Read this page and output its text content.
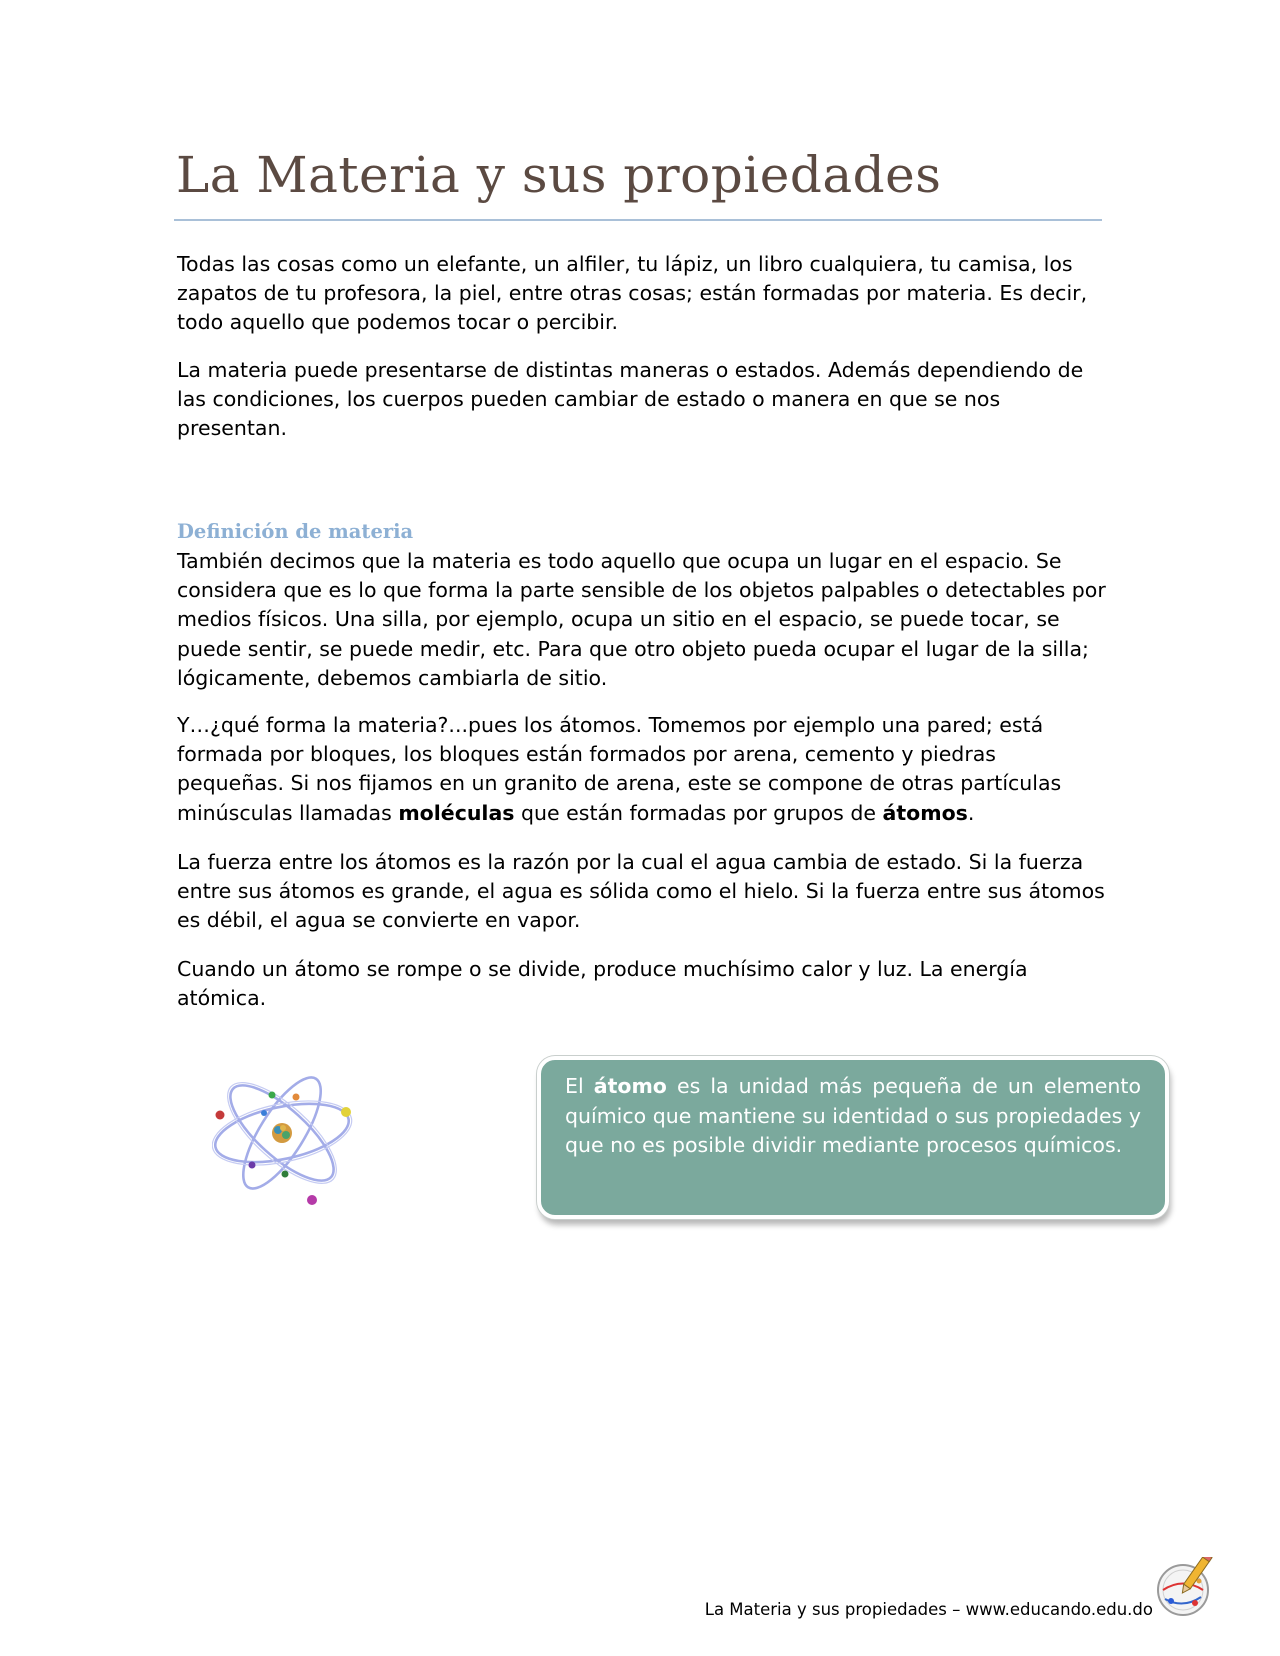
La Materia y sus propiedades

Todas las cosas como un elefante, un alfiler, tu lápiz, un libro cualquiera, tu camisa, los zapatos de tu profesora, la piel, entre otras cosas; están formadas por materia. Es decir, todo aquello que podemos tocar o percibir.

La materia puede presentarse de distintas maneras o estados. Además dependiendo de las condiciones, los cuerpos pueden cambiar de estado o manera en que se nos presentan.

Definición de materia

También decimos que la materia es todo aquello que ocupa un lugar en el espacio. Se considera que es lo que forma la parte sensible de los objetos palpables o detectables por medios físicos. Una silla, por ejemplo, ocupa un sitio en el espacio, se puede tocar, se puede sentir, se puede medir, etc. Para que otro objeto pueda ocupar el lugar de la silla; lógicamente, debemos cambiarla de sitio.

Y…¿qué forma la materia?...pues los átomos. Tomemos por ejemplo una pared; está formada por bloques, los bloques están formados por arena, cemento y piedras pequeñas. Si nos fijamos en un granito de arena, este se compone de otras partículas minúsculas llamadas moléculas que están formadas por grupos de átomos.

La fuerza entre los átomos es la razón por la cual el agua cambia de estado. Si la fuerza entre sus átomos es grande, el agua es sólida como el hielo. Si la fuerza entre sus átomos es débil, el agua se convierte en vapor.

Cuando un átomo se rompe o se divide, produce muchísimo calor y luz. La energía atómica.

El átomo es la unidad más pequeña de un elemento químico que mantiene su identidad o sus propiedades y que no es posible dividir mediante procesos químicos.

La Materia y sus propiedades – www.educando.edu.do
